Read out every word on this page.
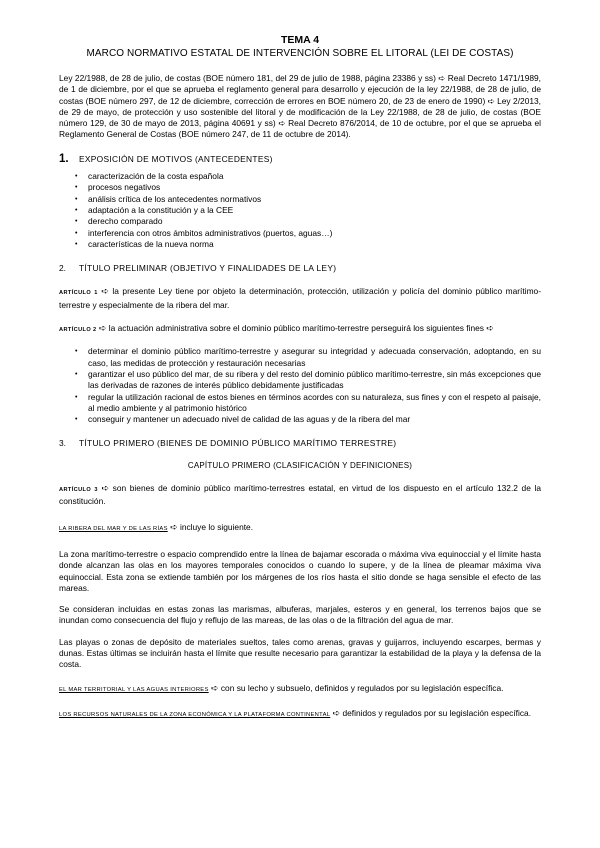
TEMA 4
MARCO NORMATIVO ESTATAL DE INTERVENCIÓN SOBRE EL LITORAL (LEI DE COSTAS)

Ley 22/1988, de 28 de julio, de costas (BOE número 181, del 29 de julio de 1988, página 23386 y ss) ➪ Real Decreto 1471/1989, de 1 de diciembre, por el que se aprueba el reglamento general para desarrollo y ejecución de la ley 22/1988, de 28 de julio, de costas (BOE número 297, de 12 de diciembre, corrección de errores en BOE número 20, de 23 de enero de 1990) ➪ Ley 2/2013, de 29 de mayo, de protección y uso sostenible del litoral y de modificación de la Ley 22/1988, de 28 de julio, de costas (BOE número 129, de 30 de mayo de 2013, página 40691 y ss) ➪ Real Decreto 876/2014, de 10 de octubre, por el que se aprueba el Reglamento General de Costas (BOE número 247, de 11 de octubre de 2014).

1.	EXPOSICIÓN DE MOTIVOS (ANTECEDENTES)
• caracterización de la costa española
• procesos negativos
• análisis crítica de los antecedentes normativos
• adaptación a la constitución y a la CEE
• derecho comparado
• interferencia con otros ámbitos administrativos (puertos, aguas…)
• características de la nueva norma
2.	TÍTULO PRELIMINAR (OBJETIVO Y FINALIDADES DE LA LEY)

ARTÍCULO 1 ➪ la presente Ley tiene por objeto la determinación, protección, utilización y policía del dominio público marítimo-terrestre y especialmente de la ribera del mar.

ARTÍCULO 2 ➪ la actuación administrativa sobre el dominio público marítimo-terrestre perseguirá los siguientes fines ➪

• determinar el dominio público marítimo-terrestre y asegurar su integridad y adecuada conservación, adoptando, en su caso, las medidas de protección y restauración necesarias
• garantizar el uso público del mar, de su ribera y del resto del dominio público marítimo-terrestre, sin más excepciones que las derivadas de razones de interés público debidamente justificadas
• regular la utilización racional de estos bienes en términos acordes con su naturaleza, sus fines y con el respeto al paisaje, al medio ambiente y al patrimonio histórico
• conseguir y mantener un adecuado nivel de calidad de las aguas y de la ribera del mar
3.	TÍTULO PRIMERO (BIENES DE DOMINIO PÚBLICO MARÍTIMO TERRESTRE)
CAPÍTULO PRIMERO (CLASIFICACIÓN Y DEFINICIONES)

ARTÍCULO 3 ➪ son bienes de dominio público marítimo-terrestres estatal, en virtud de los dispuesto en el artículo 132.2 de la constitución.

LA RIBERA DEL MAR Y DE LAS RÍAS ➪ incluye lo siguiente.

La zona marítimo-terrestre o espacio comprendido entre la línea de bajamar escorada o máxima viva equinoccial y el límite hasta donde alcanzan las olas en los mayores temporales conocidos o cuando lo supere, y de la línea de pleamar máxima viva equinoccial. Esta zona se extiende también por los márgenes de los ríos hasta el sitio donde se haga sensible el efecto de las mareas.

Se consideran incluidas en estas zonas las marismas, albuferas, marjales, esteros y en general, los terrenos bajos que se inundan como consecuencia del flujo y reflujo de las mareas, de las olas o de la filtración del agua de mar.

Las playas o zonas de depósito de materiales sueltos, tales como arenas, gravas y guijarros, incluyendo escarpes, bermas y dunas. Estas últimas se incluirán hasta el límite que resulte necesario para garantizar la estabilidad de la playa y la defensa de la costa.

EL MAR TERRITORIAL Y LAS AGUAS INTERIORES ➪ con su lecho y subsuelo, definidos y regulados por su legislación específica.

LOS RECURSOS NATURALES DE LA ZONA ECONÓMICA Y LA PLATAFORMA CONTINENTAL ➪ definidos y regulados por su legislación específica.
